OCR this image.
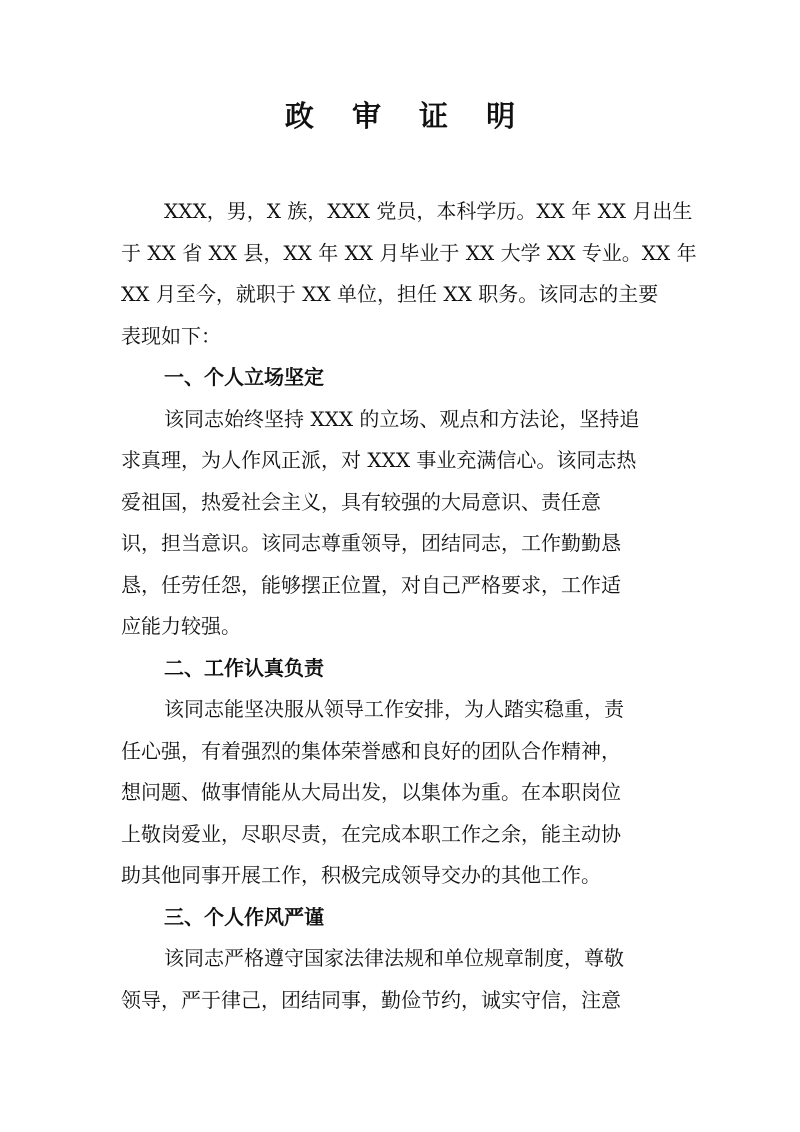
政 审 证 明

XXX，男，X 族，XXX 党员，本科学历。XX 年 XX 月出生
于 XX 省 XX 县，XX 年 XX 月毕业于 XX 大学 XX 专业。XX 年
XX 月至今，就职于 XX 单位，担任 XX 职务。该同志的主要
表现如下：

一、个人立场坚定

该同志始终坚持 XXX 的立场、观点和方法论，坚持追
求真理，为人作风正派，对 XXX 事业充满信心。该同志热
爱祖国，热爱社会主义，具有较强的大局意识、责任意
识，担当意识。该同志尊重领导，团结同志，工作勤勤恳
恳，任劳任怨，能够摆正位置，对自己严格要求，工作适
应能力较强。

二、工作认真负责

该同志能坚决服从领导工作安排，为人踏实稳重，责
任心强，有着强烈的集体荣誉感和良好的团队合作精神，
想问题、做事情能从大局出发，以集体为重。在本职岗位
上敬岗爱业，尽职尽责，在完成本职工作之余，能主动协
助其他同事开展工作，积极完成领导交办的其他工作。

三、个人作风严谨

该同志严格遵守国家法律法规和单位规章制度，尊敬
领导，严于律己，团结同事，勤俭节约，诚实守信，注意
